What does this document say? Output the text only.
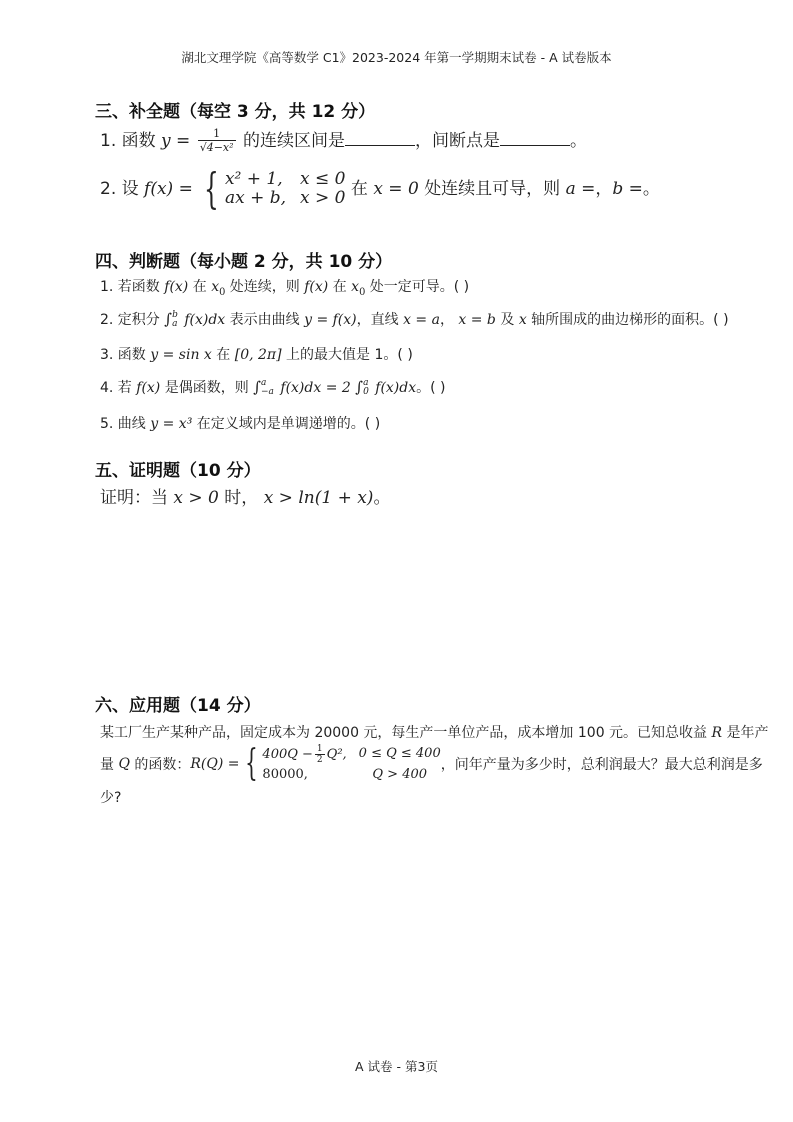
湖北文理学院《高等数学 C1》2023-2024 年第一学期期末试卷 - A 试卷版本
三、补全题（每空 3 分，共 12 分）
1. 函数 $y = \frac{1}{\text{√4−x²}}$ 的连续区间是	，间断点是	。
2. 设 f(x) = { x² + 1, x ≤ 0
ax + b, x > 0 在 x = 0 处连续且可导，则 a =，b =。
四、判断题（每小题 2 分，共 10 分）
1. 若函数 f(x) 在 $x_0$ 处连续，则 f(x) 在 $x_0$ 处一定可导。( )
2. 定积分 ∫ b
a f(x)dx 表示由曲线 y = f(x)，直线 x = a， x = b 及 x 轴所围成的曲边梯形的面积。( )
3. 函数 y = sin x 在 [0, 2π] 上的最大值是 1。( )
4. 若 f(x) 是偶函数，则 ∫ a
−a f(x)dx = 2 ∫ a
0 f(x)dx。( )
5. 曲线 y = x³ 在定义域内是单调递增的。( )
五、证明题（10 分）
证明：当 x > 0 时， x > ln(1 + x)。
六、应用题（14 分）
某工厂生产某种产品，固定成本为 20000 元，每生产一单位产品，成本增加 100 元。已知总收益 R 是年产
量
Q
的函数： R(Q) = { $400Q - \frac{1}{2} Q^2$, 0 ≤ Q ≤ 400
80000,	Q > 400
，问年产量为多少时，总利润最大？最大总利润是多
少?
A 试卷 - 第3页
